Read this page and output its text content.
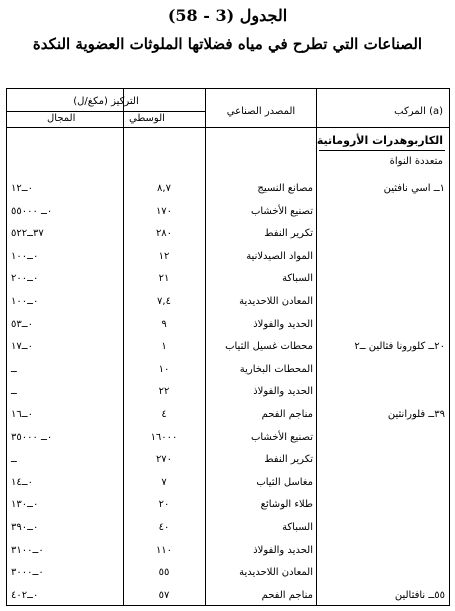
الجدول (3 - 58)
الصناعات التي تطرح في مياه فضلاتها الملوثات العضوية النكدة
التركيز (مكغ/ل)
الوسطي
المجال
المصدر الصناعي	المركب (a)
الكاربوهدرات الأروماتية
متعددة النواة
١ــ اسي نافثين
مصانع النسيج
٨,٧
٠ــ١٢
تصنيع الأخشاب
١٧٠
٠ــ ٥٥٠٠٠
تكرير النفط
٢٨٠
٣٧ــ٥٢٢
المواد الصيدلانية
١٢
٠ــ١٠٠
السباكة
٢١
٠ــ٢٠٠
المعادن اللاحديدية
٧,٤
٠ــ١٠٠
الحديد والفولاذ
٩
٠ــ٥٣
٢٠ــ كلورونا فثالين ــ٢
محطات غسيل الثياب
١
٠ــ١٧
المحطات البخارية
١٠
ــ
الحديد والفولاذ
٢٢
ــ
٣٩ــ فلورانثين
مناجم الفحم
٤
٠ــ١٦
تصنيع الأخشاب
١٦٠٠٠
٠ــ ٣٥٠٠٠
تكرير النفط
٢٧٠
ــ
مغاسل الثياب
٧
٠ــ١٤
طلاء الوشائع
٢٠
٠ــ١٣٠
السباكة
٤٠
٠ــ٣٩٠
الحديد والفولاذ
١١٠
٠ــ٣١٠٠
المعادن اللاحديدية
٥٥
٠ــ٣٠٠٠
٥٥ــ نافثالين
مناجم الفحم
٥٧
٠ــ٤٠٢
